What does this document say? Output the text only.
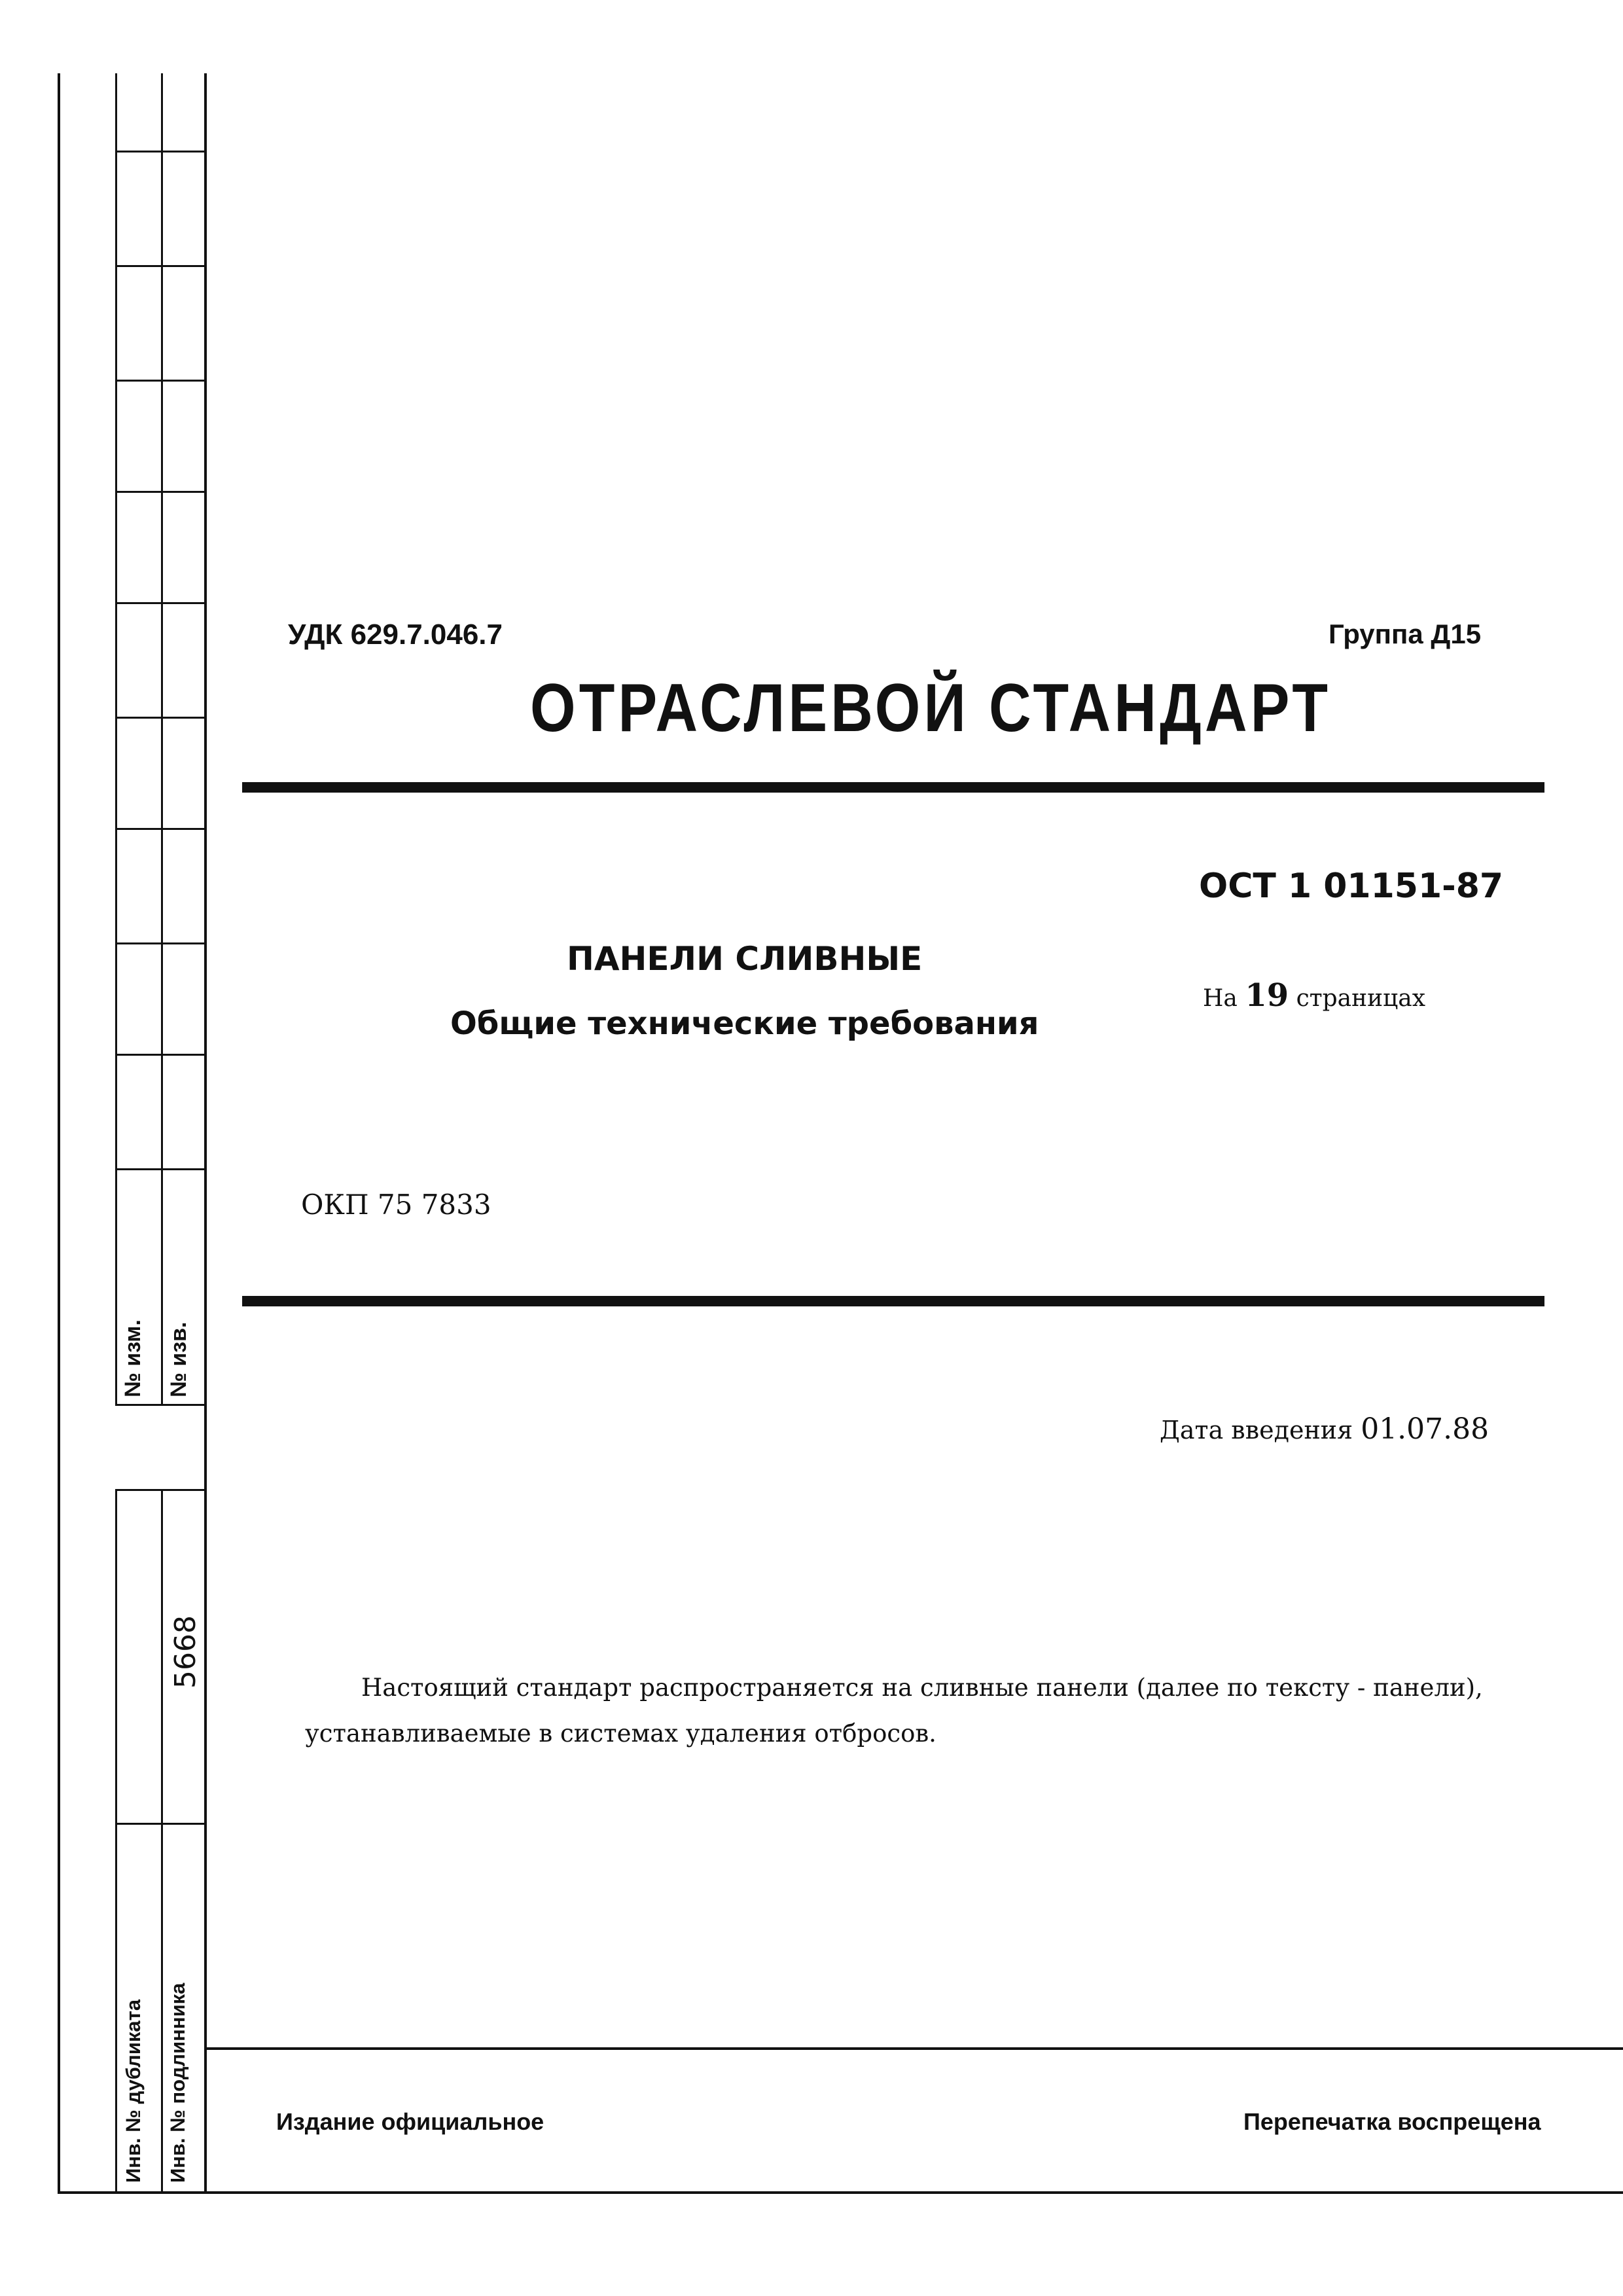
№ изм. № изв.
5668
Инв. № дубликата Инв. № подлинника
УДК 629.7.046.7	Группа Д15
ОТРАСЛЕВОЙ СТАНДАРТ
ОСТ 1 01151-87
ПАНЕЛИ СЛИВНЫЕ
Общие технические требования
На 19 страницах
ОКП 75 7833
Дата введения 01.07.88
Настоящий стандарт распространяется на сливные панели (далее по тексту - панели),
устанавливаемые в системах удаления отбросов.
Издание официальное	Перепечатка воспрещена
